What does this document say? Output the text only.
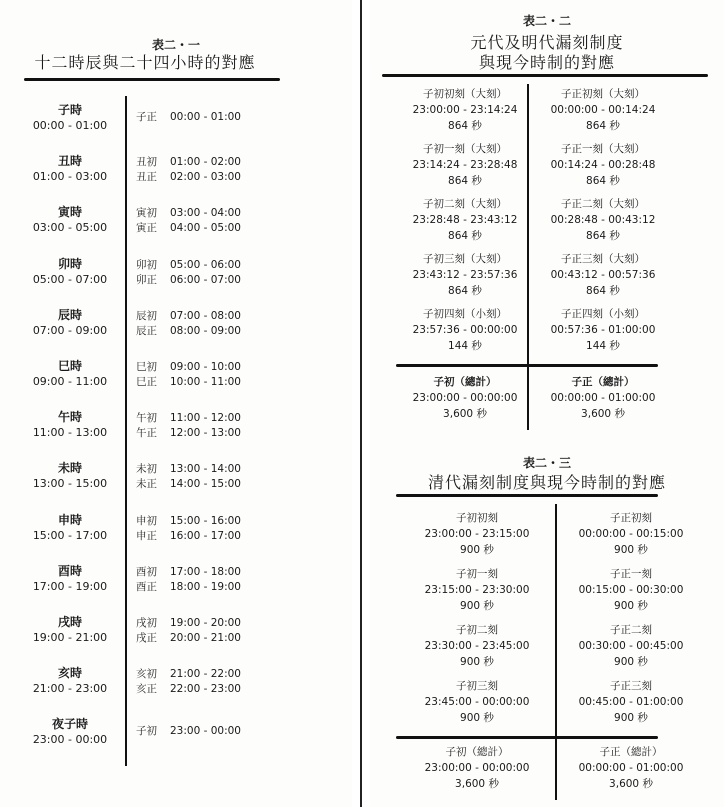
表二・一
十二時辰與二十四小時的對應
子時
00:00 - 01:00
子正 00:00 - 01:00
丑時
01:00 - 03:00
丑初 01:00 - 02:00
丑正 02:00 - 03:00
寅時
03:00 - 05:00
寅初 03:00 - 04:00
寅正 04:00 - 05:00
卯時
05:00 - 07:00
卯初 05:00 - 06:00
卯正 06:00 - 07:00
辰時
07:00 - 09:00
辰初 07:00 - 08:00
辰正 08:00 - 09:00
巳時
09:00 - 11:00
巳初 09:00 - 10:00
巳正 10:00 - 11:00
午時
11:00 - 13:00
午初 11:00 - 12:00
午正 12:00 - 13:00
未時
13:00 - 15:00
未初 13:00 - 14:00
未正 14:00 - 15:00
申時
15:00 - 17:00
申初 15:00 - 16:00
申正 16:00 - 17:00
酉時
17:00 - 19:00
酉初 17:00 - 18:00
酉正 18:00 - 19:00
戌時
19:00 - 21:00
戌初 19:00 - 20:00
戌正 20:00 - 21:00
亥時
21:00 - 23:00
亥初 21:00 - 22:00
亥正 22:00 - 23:00
夜子時
23:00 - 00:00
子初 23:00 - 00:00
表二・二
元代及明代漏刻制度
與現今時制的對應
子初初刻（大刻）
23:00:00 - 23:14:24
864 秒
子初一刻（大刻）
23:14:24 - 23:28:48
864 秒
子初二刻（大刻）
23:28:48 - 23:43:12
864 秒
子初三刻（大刻）
23:43:12 - 23:57:36
864 秒
子初四刻（小刻）
23:57:36 - 00:00:00
144 秒
子正初刻（大刻）
00:00:00 - 00:14:24
864 秒
子正一刻（大刻）
00:14:24 - 00:28:48
864 秒
子正二刻（大刻）
00:28:48 - 00:43:12
864 秒
子正三刻（大刻）
00:43:12 - 00:57:36
864 秒
子正四刻（小刻）
00:57:36 - 01:00:00
144 秒
子初（總計）
23:00:00 - 00:00:00
3,600 秒
子正（總計）
00:00:00 - 01:00:00
3,600 秒
表二・三
清代漏刻制度與現今時制的對應
子初初刻
23:00:00 - 23:15:00
900 秒
子初一刻
23:15:00 - 23:30:00
900 秒
子初二刻
23:30:00 - 23:45:00
900 秒
子初三刻
23:45:00 - 00:00:00
900 秒
子正初刻
00:00:00 - 00:15:00
900 秒
子正一刻
00:15:00 - 00:30:00
900 秒
子正二刻
00:30:00 - 00:45:00
900 秒
子正三刻
00:45:00 - 01:00:00
900 秒
子初（總計）
23:00:00 - 00:00:00
3,600 秒
子正（總計）
00:00:00 - 01:00:00
3,600 秒
